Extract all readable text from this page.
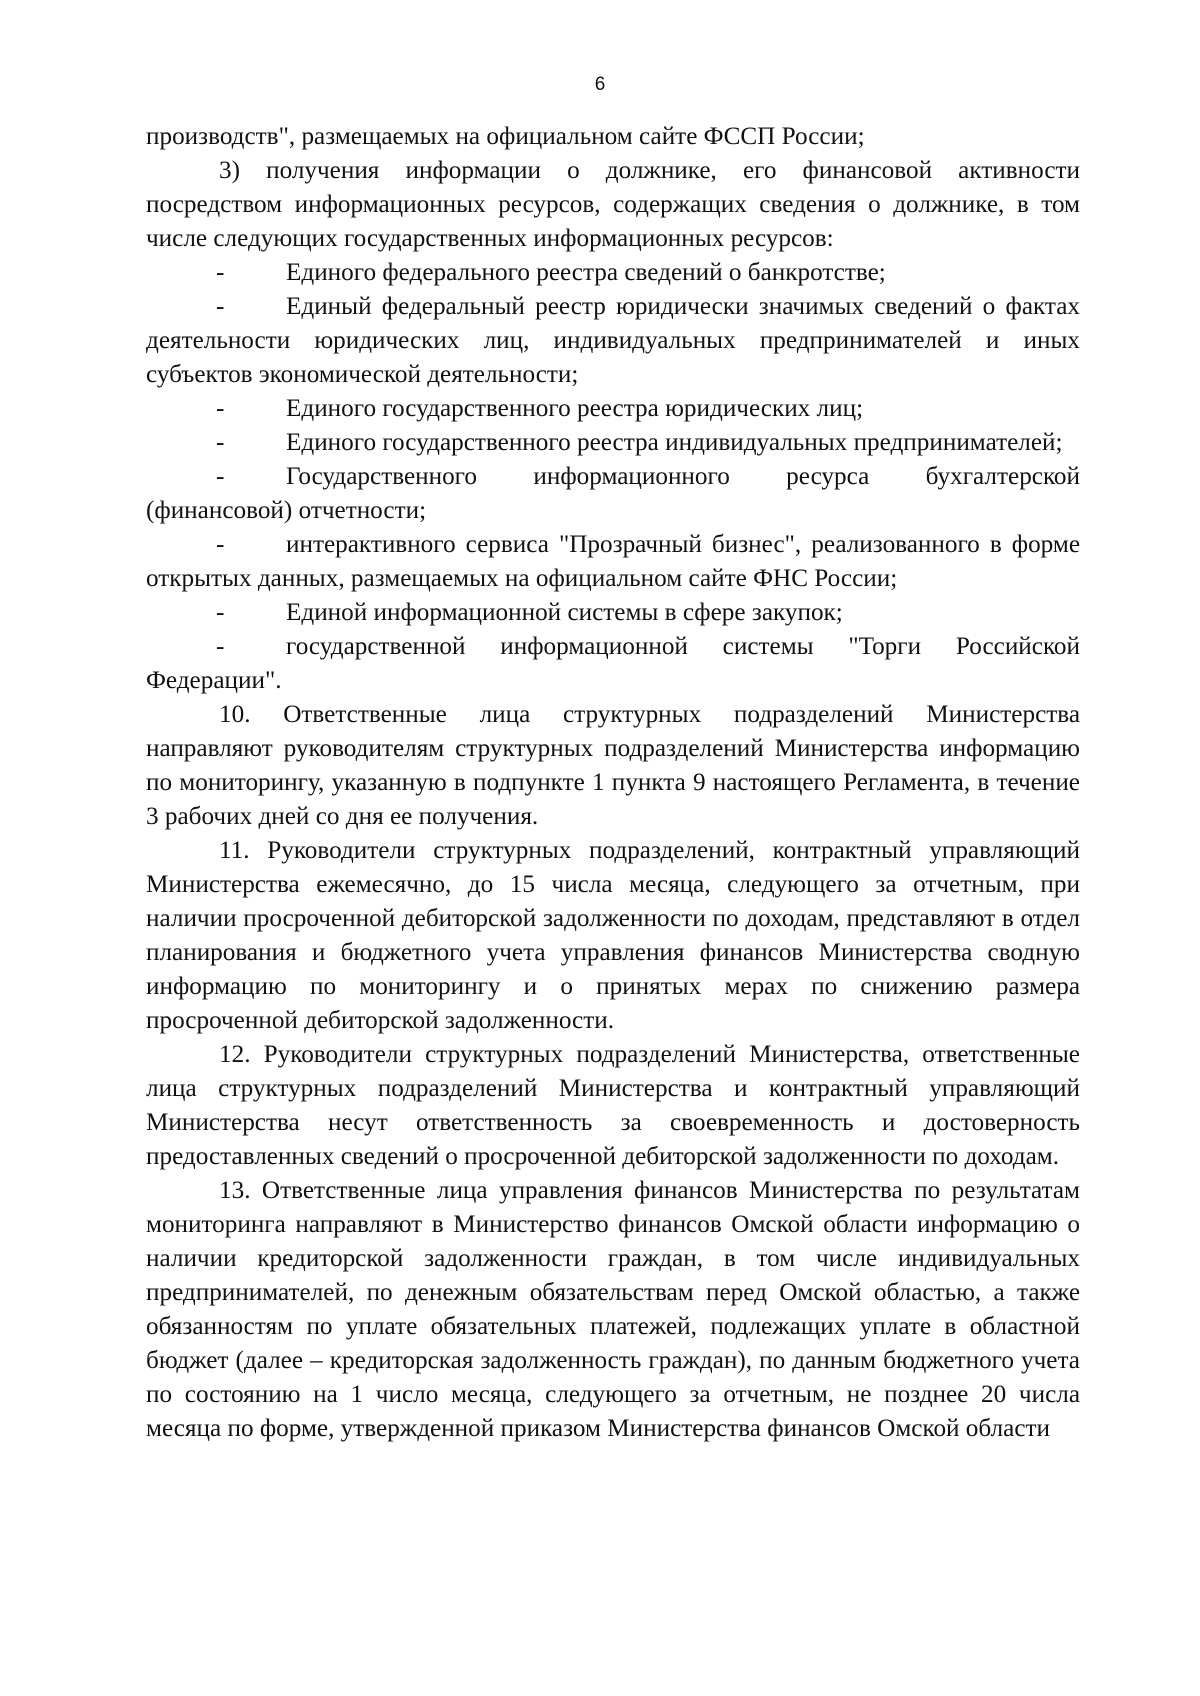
6

производств", размещаемых на официальном сайте ФССП России;

3) получения информации о должнике, его финансовой активности посредством информационных ресурсов, содержащих сведения о должнике, в том числе следующих государственных информационных ресурсов:

- Единого федерального реестра сведений о банкротстве;

- Единый федеральный реестр юридически значимых сведений о фактах деятельности юридических лиц, индивидуальных предпринимателей и иных субъектов экономической деятельности;

- Единого государственного реестра юридических лиц;

- Единого государственного реестра индивидуальных предпринимателей;

- Государственного информационного ресурса бухгалтерской (финансовой) отчетности;

- интерактивного сервиса "Прозрачный бизнес", реализованного в форме открытых данных, размещаемых на официальном сайте ФНС России;

- Единой информационной системы в сфере закупок;

- государственной информационной системы "Торги Российской Федерации".

10. Ответственные лица структурных подразделений Министерства направляют руководителям структурных подразделений Министерства информацию по мониторингу, указанную в подпункте 1 пункта 9 настоящего Регламента, в течение 3 рабочих дней со дня ее получения.

11. Руководители структурных подразделений, контрактный управляющий Министерства ежемесячно, до 15 числа месяца, следующего за отчетным, при наличии просроченной дебиторской задолженности по доходам, представляют в отдел планирования и бюджетного учета управления финансов Министерства сводную информацию по мониторингу и о принятых мерах по снижению размера просроченной дебиторской задолженности.

12. Руководители структурных подразделений Министерства, ответственные лица структурных подразделений Министерства и контрактный управляющий Министерства несут ответственность за своевременность и достоверность предоставленных сведений о просроченной дебиторской задолженности по доходам.

13. Ответственные лица управления финансов Министерства по результатам мониторинга направляют в Министерство финансов Омской области информацию о наличии кредиторской задолженности граждан, в том числе индивидуальных предпринимателей, по денежным обязательствам перед Омской областью, а также обязанностям по уплате обязательных платежей, подлежащих уплате в областной бюджет (далее – кредиторская задолженность граждан), по данным бюджетного учета по состоянию на 1 число месяца, следующего за отчетным, не позднее 20 числа месяца по форме, утвержденной приказом Министерства финансов Омской области
